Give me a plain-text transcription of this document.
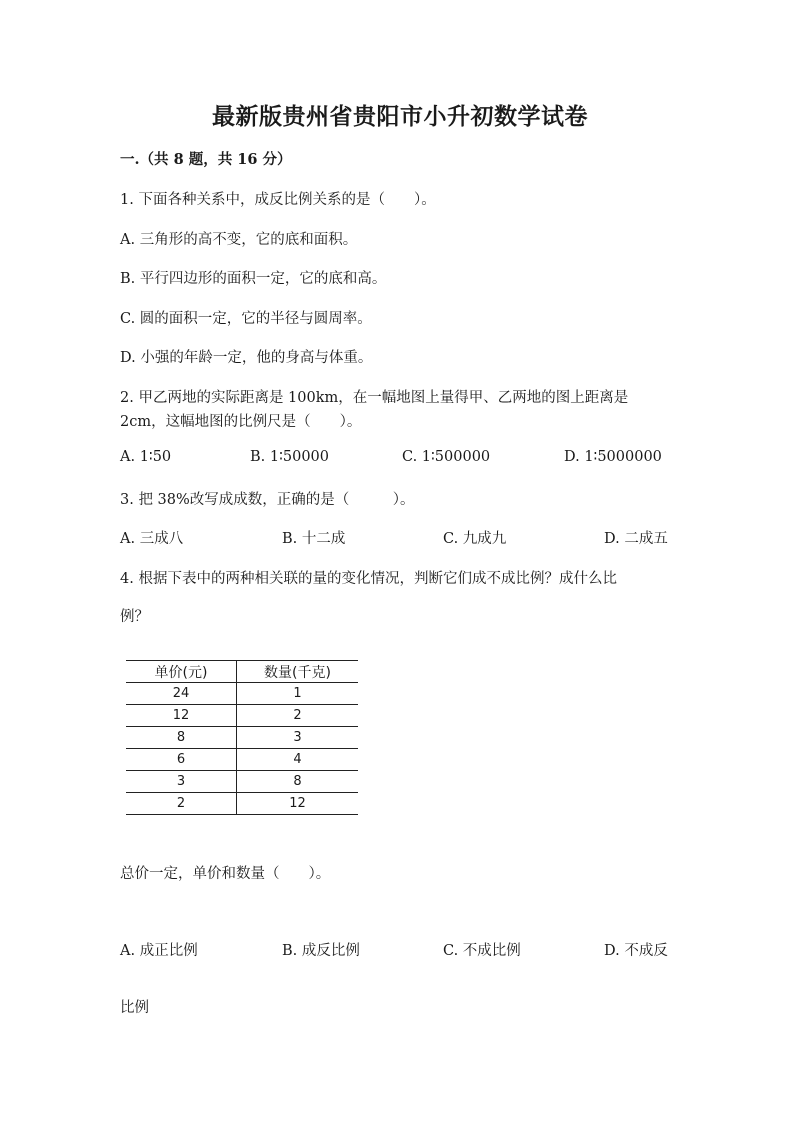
最新版贵州省贵阳市小升初数学试卷
一.（共 8 题，共 16 分）
1. 下面各种关系中，成反比例关系的是（　　）。
A. 三角形的高不变，它的底和面积。
B. 平行四边形的面积一定，它的底和高。
C. 圆的面积一定，它的半径与圆周率。
D. 小强的年龄一定，他的身高与体重。
2. 甲乙两地的实际距离是 100km，在一幅地图上量得甲、乙两地的图上距离是
2cm，这幅地图的比例尺是（　　）。
A. 1∶50	B. 1∶50000	C. 1∶500000	D. 1∶5000000
3. 把 38%改写成成数，正确的是（　　　）。
A. 三成八	B. 十二成	C. 九成九	D. 二成五
4. 根据下表中的两种相关联的量的变化情况，判断它们成不成比例？成什么比
例？
单价(元)	数量(千克)
24	1
12	2
8	3
6	4
3	8
2	12
总价一定，单价和数量（　　）。
A. 成正比例	B. 成反比例	C. 不成比例	D. 不成反
比例
